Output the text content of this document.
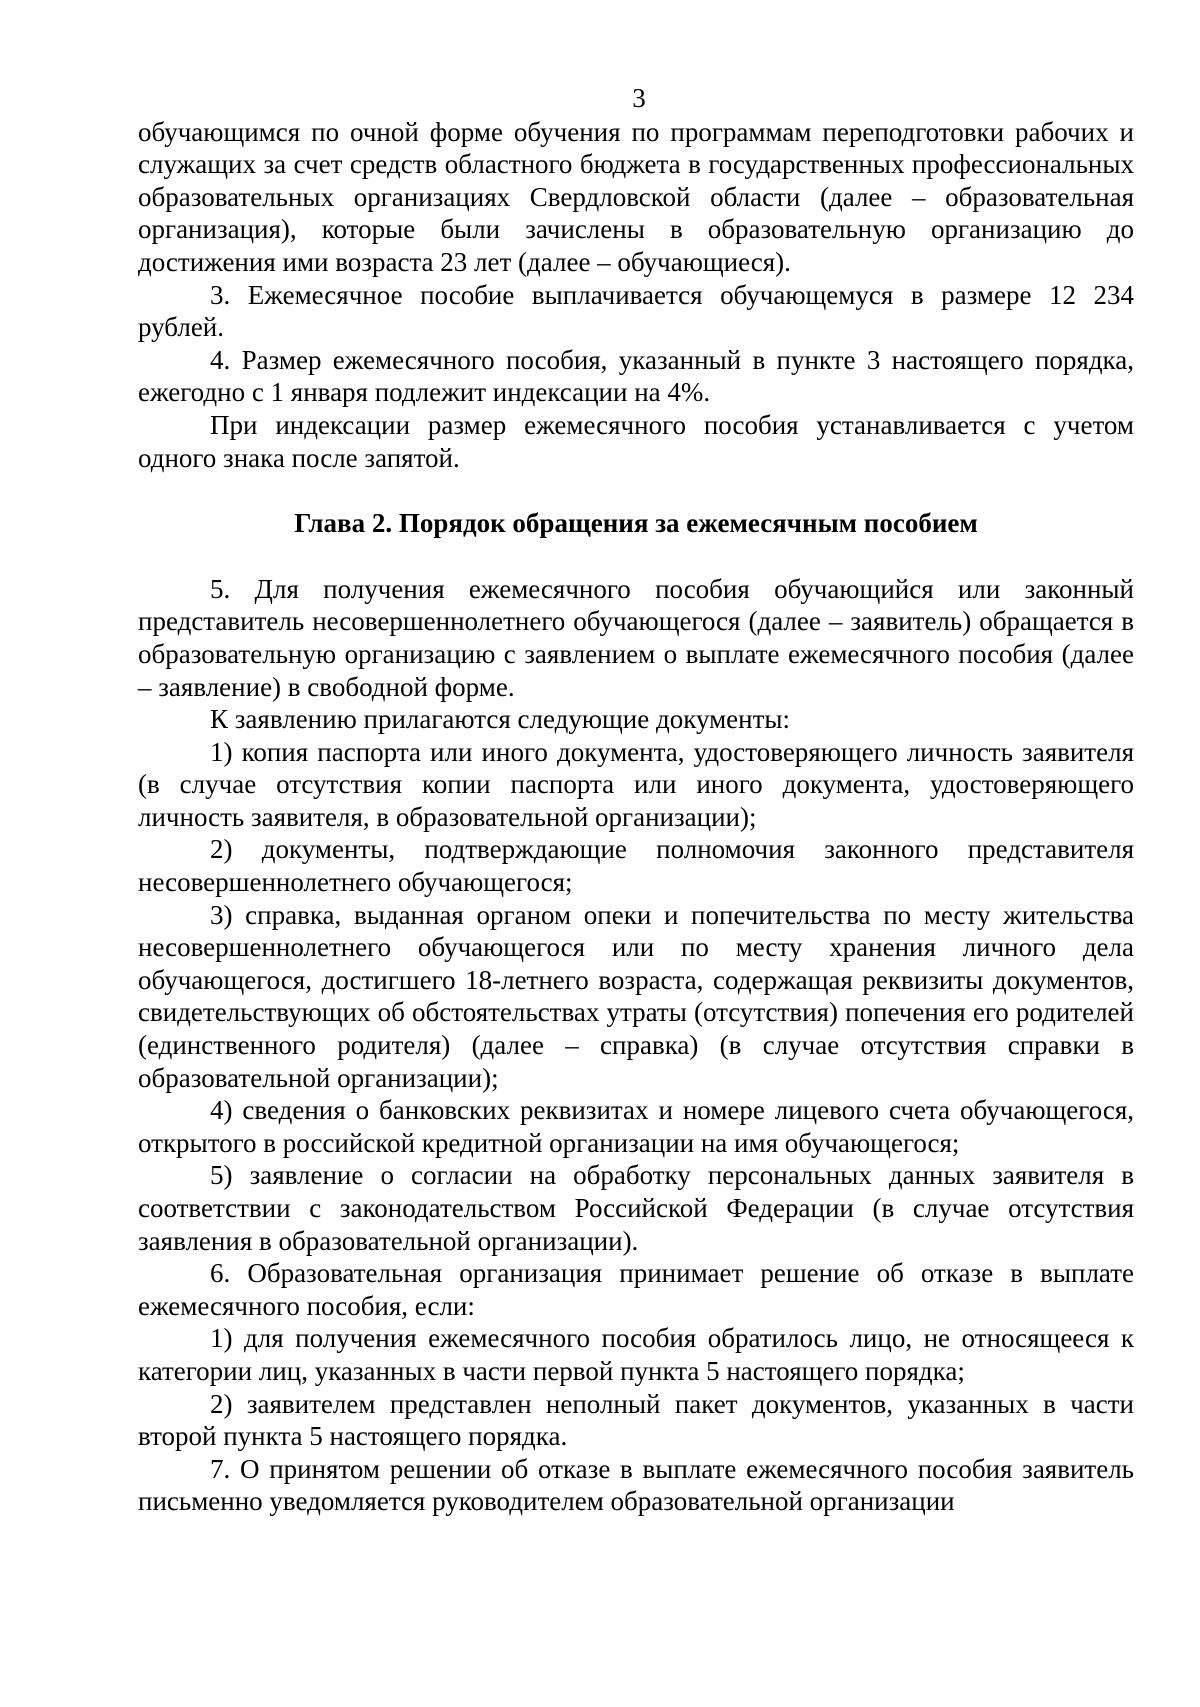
3

обучающимся по очной форме обучения по программам переподготовки рабочих и служащих за счет средств областного бюджета в государственных профессиональных образовательных организациях Свердловской области (далее – образовательная организация), которые были зачислены в образовательную организацию до достижения ими возраста 23 лет (далее – обучающиеся).

3. Ежемесячное пособие выплачивается обучающемуся в размере 12 234 рублей.

4. Размер ежемесячного пособия, указанный в пункте 3 настоящего порядка, ежегодно с 1 января подлежит индексации на 4%.

При индексации размер ежемесячного пособия устанавливается с учетом одного знака после запятой.

Глава 2. Порядок обращения за ежемесячным пособием

5. Для получения ежемесячного пособия обучающийся или законный представитель несовершеннолетнего обучающегося (далее – заявитель) обращается в образовательную организацию с заявлением о выплате ежемесячного пособия (далее – заявление) в свободной форме.

К заявлению прилагаются следующие документы:

1) копия паспорта или иного документа, удостоверяющего личность заявителя (в случае отсутствия копии паспорта или иного документа, удостоверяющего личность заявителя, в образовательной организации);

2) документы, подтверждающие полномочия законного представителя несовершеннолетнего обучающегося;

3) справка, выданная органом опеки и попечительства по месту жительства несовершеннолетнего обучающегося или по месту хранения личного дела обучающегося, достигшего 18-летнего возраста, содержащая реквизиты документов, свидетельствующих об обстоятельствах утраты (отсутствия) попечения его родителей (единственного родителя) (далее – справка) (в случае отсутствия справки в образовательной организации);

4) сведения о банковских реквизитах и номере лицевого счета обучающегося, открытого в российской кредитной организации на имя обучающегося;

5) заявление о согласии на обработку персональных данных заявителя в соответствии с законодательством Российской Федерации (в случае отсутствия заявления в образовательной организации).

6. Образовательная организация принимает решение об отказе в выплате ежемесячного пособия, если:

1) для получения ежемесячного пособия обратилось лицо, не относящееся к категории лиц, указанных в части первой пункта 5 настоящего порядка;

2) заявителем представлен неполный пакет документов, указанных в части второй пункта 5 настоящего порядка.

7. О принятом решении об отказе в выплате ежемесячного пособия заявитель письменно уведомляется руководителем образовательной организации
